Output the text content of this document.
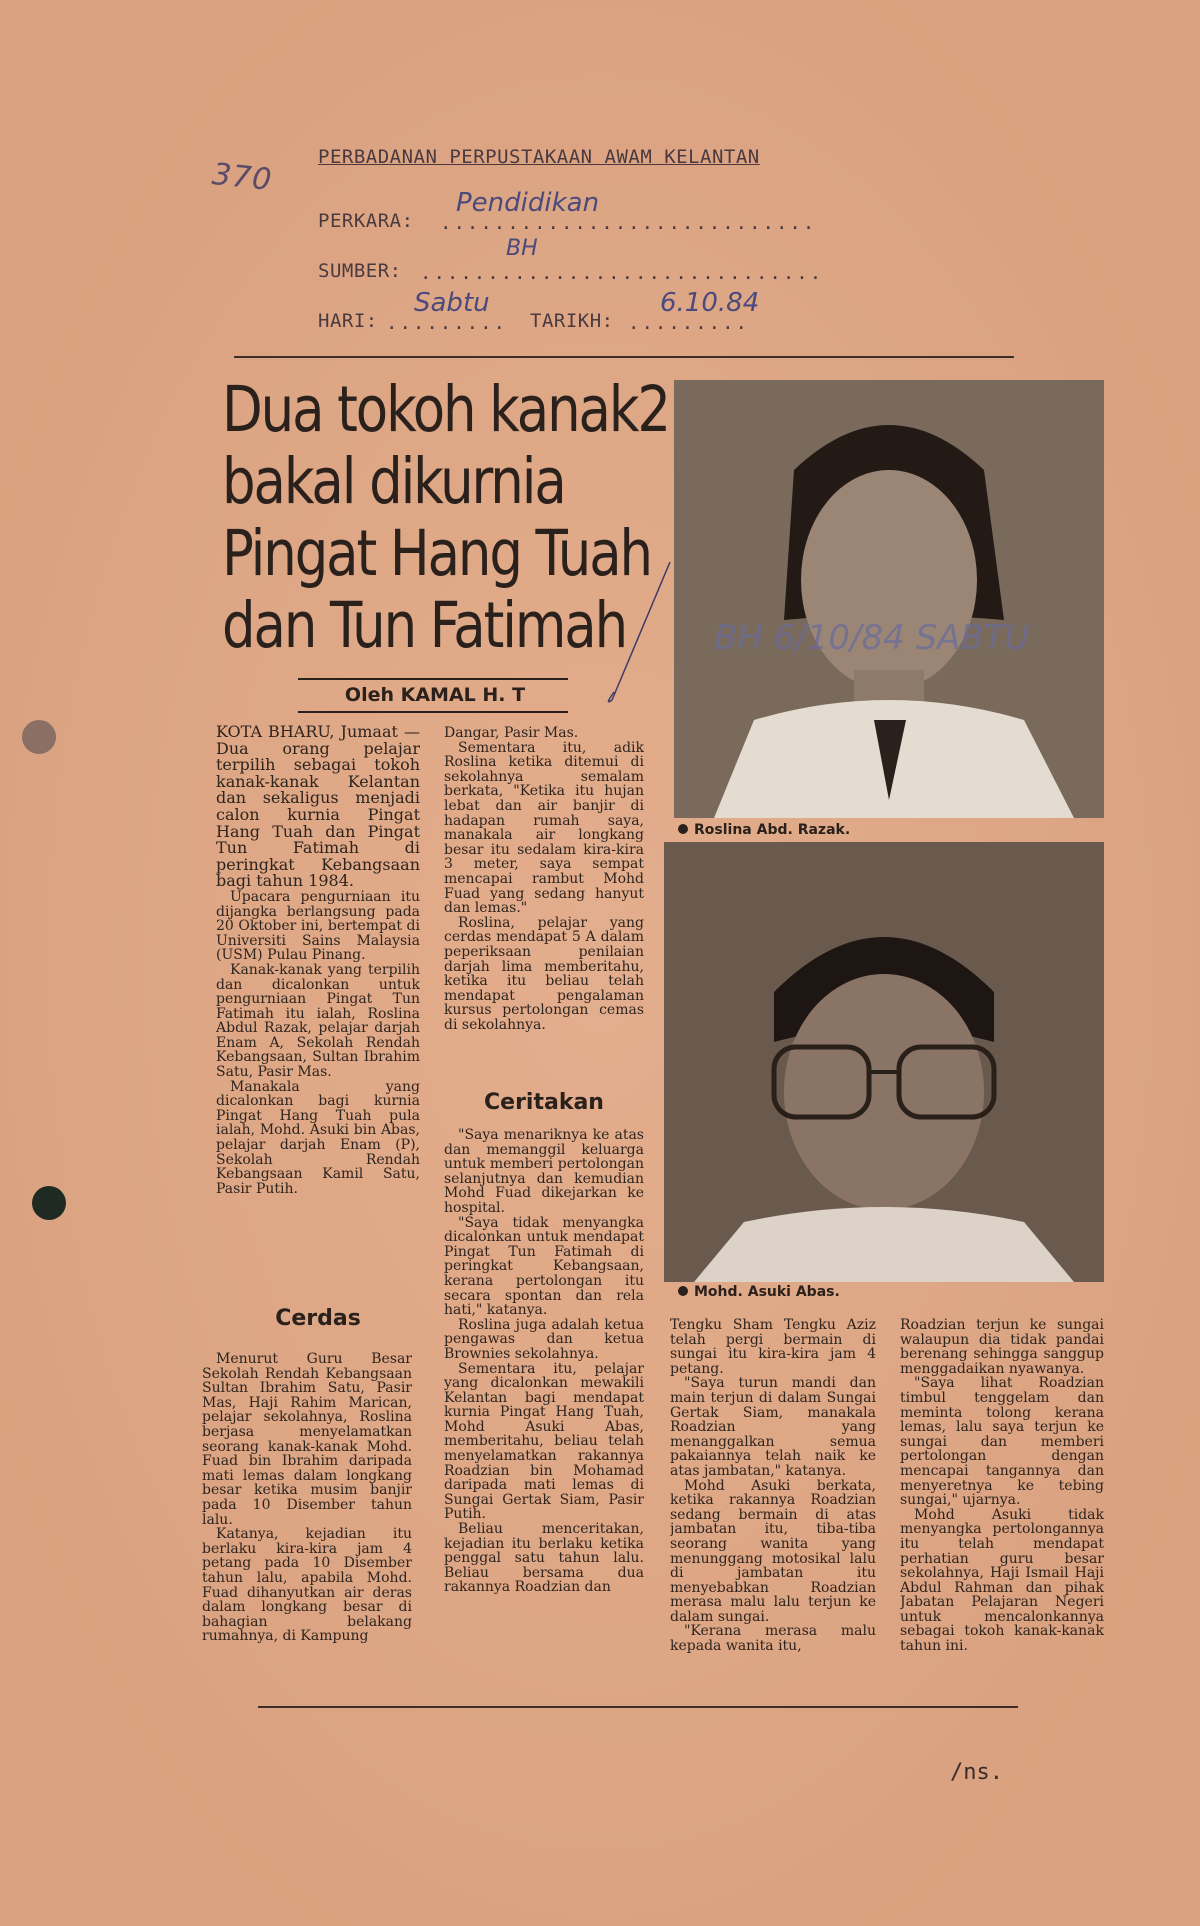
370 PERBADANAN PERPUSTAKAAN AWAM KELANTAN
PERKARA: ............................
Pendidikan
SUMBER: ..............................
BH
HARI: .........
Sabtu
TARIKH: .........
6.10.84
Dua tokoh kanak2
bakal dikurnia
Pingat Hang Tuah
dan Tun Fatimah
Oleh KAMAL H. T

KOTA BHARU, Jumaat — Dua orang pelajar terpilih sebagai tokoh kanak-kanak Kelantan dan sekaligus menjadi calon kurnia Pingat Hang Tuah dan Pingat Tun Fatimah di peringkat Kebangsaan bagi tahun 1984.

Upacara pengurniaan itu dijangka berlangsung pada 20 Oktober ini, bertempat di Universiti Sains Malaysia (USM) Pulau Pinang.

Kanak-kanak yang terpilih dan dicalonkan untuk pengurniaan Pingat Tun Fatimah itu ialah, Roslina Abdul Razak, pelajar darjah Enam A, Sekolah Rendah Kebangsaan, Sultan Ibrahim Satu, Pasir Mas.

Manakala yang dicalonkan bagi kurnia Pingat Hang Tuah pula ialah, Mohd. Asuki bin Abas, pelajar darjah Enam (P), Sekolah Rendah Kebangsaan Kamil Satu, Pasir Putih.

Cerdas

Menurut Guru Besar Sekolah Rendah Kebangsaan Sultan Ibrahim Satu, Pasir Mas, Haji Rahim Marican, pelajar sekolahnya, Roslina berjasa menyelamatkan seorang kanak-kanak Mohd. Fuad bin Ibrahim daripada mati lemas dalam longkang besar ketika musim banjir pada 10 Disember tahun lalu.

Katanya, kejadian itu berlaku kira-kira jam 4 petang pada 10 Disember tahun lalu, apabila Mohd. Fuad dihanyutkan air deras dalam longkang besar di bahagian belakang rumahnya, di Kampung

Dangar, Pasir Mas.

Sementara itu, adik Roslina ketika ditemui di sekolahnya semalam berkata, "Ketika itu hujan lebat dan air banjir di hadapan rumah saya, manakala air longkang besar itu sedalam kira-kira 3 meter, saya sempat mencapai rambut Mohd Fuad yang sedang hanyut dan lemas."

Roslina, pelajar yang cerdas mendapat 5 A dalam peperiksaan penilaian darjah lima memberitahu, ketika itu beliau telah mendapat pengalaman kursus pertolongan cemas di sekolahnya.

Ceritakan

"Saya menariknya ke atas dan memanggil keluarga untuk memberi pertolongan selanjutnya dan kemudian Mohd Fuad dikejarkan ke hospital.

"Saya tidak menyangka dicalonkan untuk mendapat Pingat Tun Fatimah di peringkat Kebangsaan, kerana pertolongan itu secara spontan dan rela hati," katanya.

Roslina juga adalah ketua pengawas dan ketua Brownies sekolahnya.

Sementara itu, pelajar yang dicalonkan mewakili Kelantan bagi mendapat kurnia Pingat Hang Tuah, Mohd Asuki Abas, memberitahu, beliau telah menyelamatkan rakannya Roadzian bin Mohamad daripada mati lemas di Sungai Gertak Siam, Pasir Putih.

Beliau menceritakan, kejadian itu berlaku ketika penggal satu tahun lalu. Beliau bersama dua rakannya Roadzian dan

BH 6/10/84 SABTU
Roslina Abd. Razak.
Mohd. Asuki Abas.

Tengku Sham Tengku Aziz telah pergi bermain di sungai itu kira-kira jam 4 petang.

"Saya turun mandi dan main terjun di dalam Sungai Gertak Siam, manakala Roadzian yang menanggalkan semua pakaiannya telah naik ke atas jambatan," katanya.

Mohd Asuki berkata, ketika rakannya Roadzian sedang bermain di atas jambatan itu, tiba-tiba seorang wanita yang menunggang motosikal lalu di jambatan itu menyebabkan Roadzian merasa malu lalu terjun ke dalam sungai.

"Kerana merasa malu kepada wanita itu,

Roadzian terjun ke sungai walaupun dia tidak pandai berenang sehingga sanggup menggadaikan nyawanya.

"Saya lihat Roadzian timbul tenggelam dan meminta tolong kerana lemas, lalu saya terjun ke sungai dan memberi pertolongan dengan mencapai tangannya dan menyeretnya ke tebing sungai," ujarnya.

Mohd Asuki tidak menyangka pertolongannya itu telah mendapat perhatian guru besar sekolahnya, Haji Ismail Haji Abdul Rahman dan pihak Jabatan Pelajaran Negeri untuk mencalonkannya sebagai tokoh kanak-kanak tahun ini.

/ns.
